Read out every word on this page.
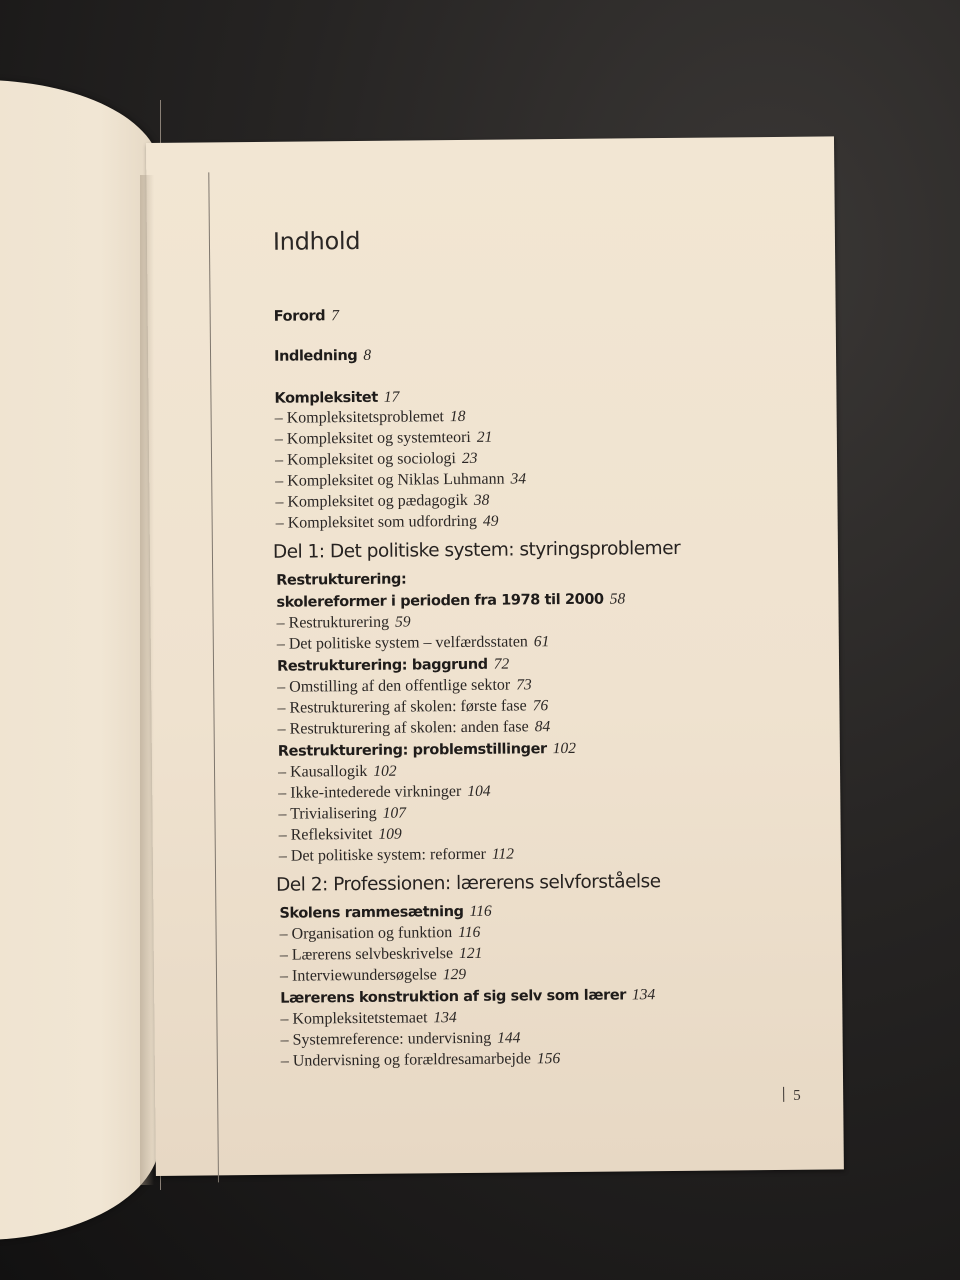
Indhold
Forord 7
Indledning 8
Kompleksitet 17
– Kompleksitetsproblemet 18
– Kompleksitet og systemteori 21
– Kompleksitet og sociologi 23
– Kompleksitet og Niklas Luhmann 34
– Kompleksitet og pædagogik 38
– Kompleksitet som udfordring 49
Del 1: Det politiske system: styringsproblemer
Restrukturering:
skolereformer i perioden fra 1978 til 2000 58
– Restrukturering 59
– Det politiske system – velfærdsstaten 61
Restrukturering: baggrund 72
– Omstilling af den offentlige sektor 73
– Restrukturering af skolen: første fase 76
– Restrukturering af skolen: anden fase 84
Restrukturering: problemstillinger 102
– Kausallogik 102
– Ikke-intederede virkninger 104
– Trivialisering 107
– Refleksivitet 109
– Det politiske system: reformer 112
Del 2: Professionen: lærerens selvforståelse
Skolens rammesætning 116
– Organisation og funktion 116
– Lærerens selvbeskrivelse 121
– Interviewundersøgelse 129
Lærerens konstruktion af sig selv som lærer 134
– Kompleksitetstemaet 134
– Systemreference: undervisning 144
– Undervisning og forældresamarbejde 156
5
